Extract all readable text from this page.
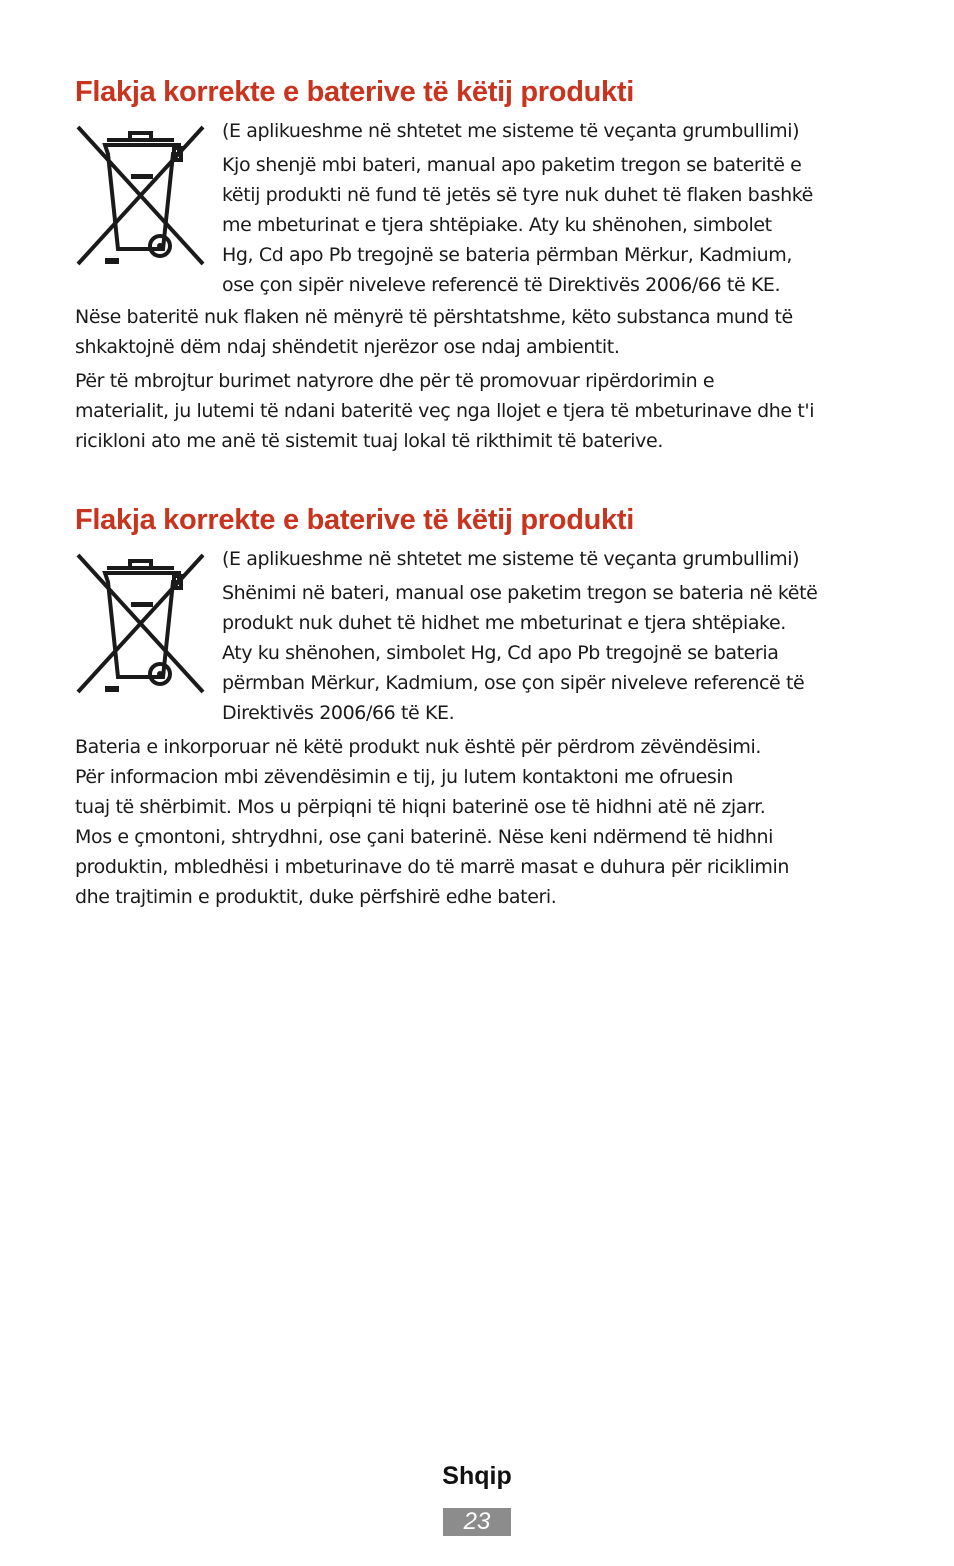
Flakja korrekte e baterive të këtij produkti
(E aplikueshme në shtetet me sisteme të veçanta grumbullimi)
Kjo shenjë mbi bateri, manual apo paketim tregon se bateritë e
këtij produkti në fund të jetës së tyre nuk duhet të flaken bashkë
me mbeturinat e tjera shtëpiake. Aty ku shënohen, simbolet
Hg, Cd apo Pb tregojnë se bateria përmban Mërkur, Kadmium,
ose çon sipër niveleve referencë të Direktivës 2006/66 të KE.
Nëse bateritë nuk flaken në mënyrë të përshtatshme, këto substanca mund të
shkaktojnë dëm ndaj shëndetit njerëzor ose ndaj ambientit.
Për të mbrojtur burimet natyrore dhe për të promovuar ripërdorimin e
materialit, ju lutemi të ndani bateritë veç nga llojet e tjera të mbeturinave dhe t'i
ricikloni ato me anë të sistemit tuaj lokal të rikthimit të baterive.
Flakja korrekte e baterive të këtij produkti
(E aplikueshme në shtetet me sisteme të veçanta grumbullimi)
Shënimi në bateri, manual ose paketim tregon se bateria në këtë
produkt nuk duhet të hidhet me mbeturinat e tjera shtëpiake.
Aty ku shënohen, simbolet Hg, Cd apo Pb tregojnë se bateria
përmban Mërkur, Kadmium, ose çon sipër niveleve referencë të
Direktivës 2006/66 të KE.
Bateria e inkorporuar në këtë produkt nuk është për përdrom zëvëndësimi.
Për informacion mbi zëvendësimin e tij, ju lutem kontaktoni me ofruesin
tuaj të shërbimit. Mos u përpiqni të hiqni baterinë ose të hidhni atë në zjarr.
Mos e çmontoni, shtrydhni, ose çani baterinë. Nëse keni ndërmend të hidhni
produktin, mbledhësi i mbeturinave do të marrë masat e duhura për riciklimin
dhe trajtimin e produktit, duke përfshirë edhe bateri.
Shqip
23
